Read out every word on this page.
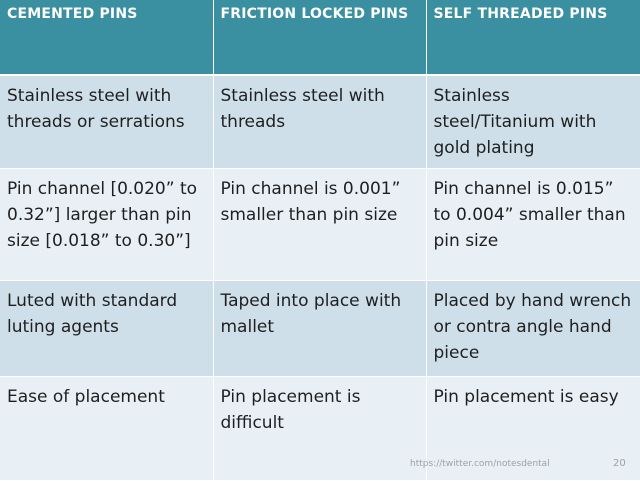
CEMENTED PINS	FRICTION LOCKED PINS	SELF THREADED PINS
Stainless steel with threads or serrations	Stainless steel with threads	Stainless steel/Titanium with gold plating
Pin channel [0.020” to 0.32”] larger than pin size [0.018” to 0.30”]	Pin channel is 0.001” smaller than pin size	Pin channel is 0.015” to 0.004” smaller than pin size
Luted with standard luting agents	Taped into place with mallet	Placed by hand wrench or contra angle hand piece
Ease of placement	Pin placement is difficult	Pin placement is easy
https://twitter.com/notesdental	20
